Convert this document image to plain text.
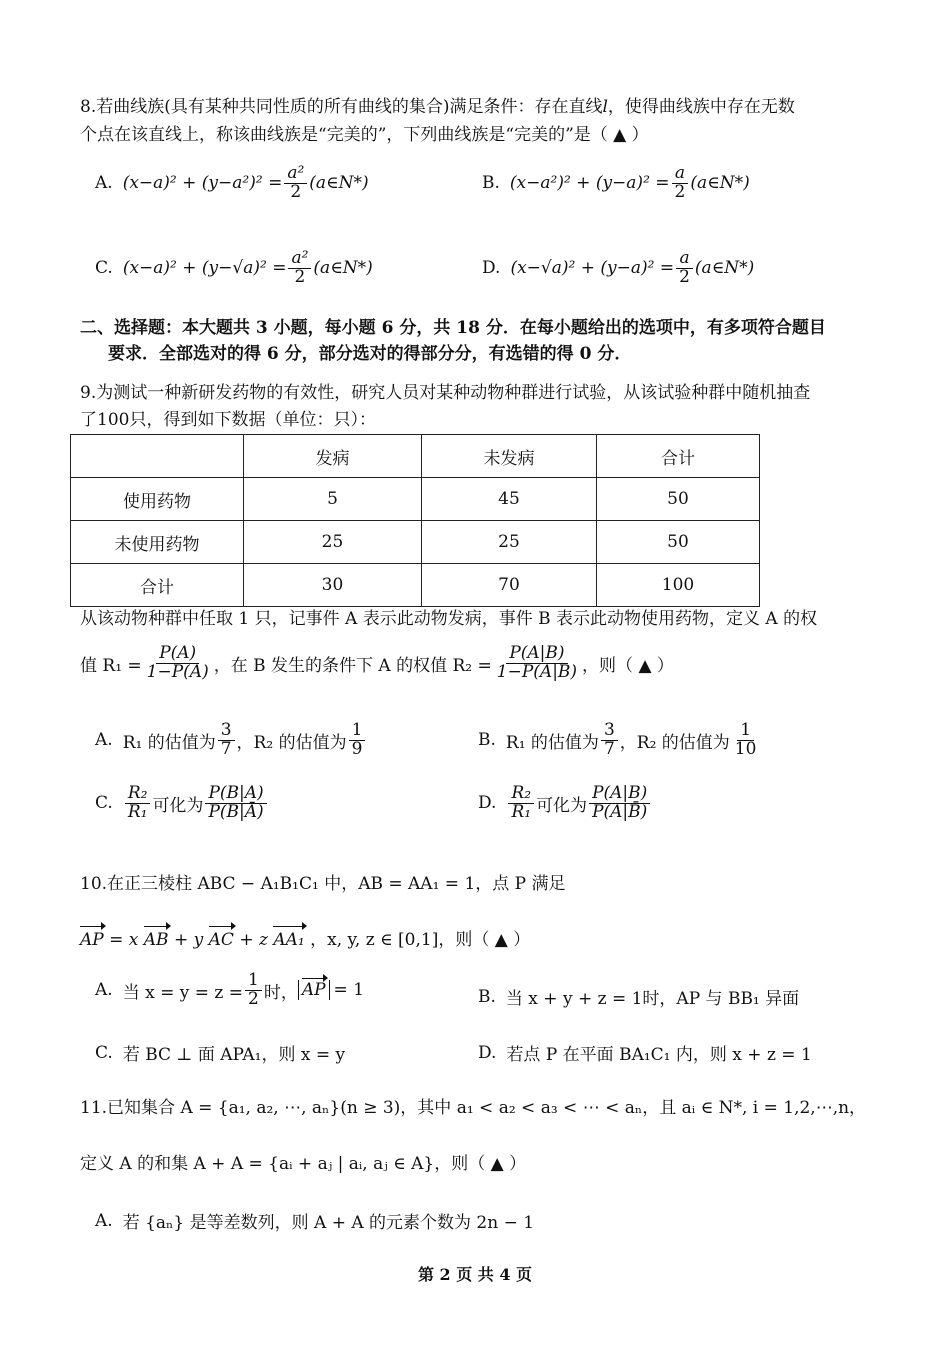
8.若曲线族(具有某种共同性质的所有曲线的集合)满足条件：存在直线l，使得曲线族中存在无数
个点在该直线上，称该曲线族是“完美的”，下列曲线族是“完美的”是（ ▲ ）
A. $(x-a)^2 + (y-a^2)^2 = \frac{\text{a²}}{2}$ (a∈N*)	B. $(x-a^2)^2 + (y-a)^2 = \frac{a}{2}$ (a∈N*)
C. $(x-a)^2 + (y-√a)^2 = \frac{\text{a²}}{2}$ (a∈N*)	D. $(x-√a)^2 + (y-a)^2 = \frac{a}{2}$ (a∈N*)
二、选择题：本大题共 3 小题，每小题 6 分，共 18 分．在每小题给出的选项中，有多项符合题目
要求．全部选对的得 6 分，部分选对的得部分分，有选错的得 0 分．
9.为测试一种新研发药物的有效性，研究人员对某种动物种群进行试验，从该试验种群中随机抽查
了100只，得到如下数据（单位：只）：
	发病	未发病	合计
使用药物	5	45	50
未使用药物	25	25	50
合计	30	70	100
从该动物种群中任取 1 只，记事件 A 表示此动物发病，事件 B 表示此动物使用药物，定义 A 的权
值 $R_1 = \frac{P(A)}{1-P(A)}$ ，在 B 发生的条件下 A 的权值 $R_2 = \frac{P(A|B)}{1-P(A|B)}$ ，则（ ▲ ）
A. R₁ 的估值为 $\frac{3}{7}$ ，R₂ 的估值为 $\frac{1}{9}$	B. R₁ 的估值为 $\frac{3}{7}$ ，R₂ 的估值为 $\frac{1}{10}$
C. $\frac{\text{R₂}}{\text{R₁}}$ 可化为 $\frac{P(B|A)}{P(B|Ā)}$	D. $\frac{\text{R₂}}{\text{R₁}}$ 可化为 $\frac{P(A|B)}{P(A|B̄)}$
10.在正三棱柱 ABC − A₁B₁C₁ 中，AB = AA₁ = 1，点 P 满足
AP = x AB + y AC + z AA₁ ，x, y, z ∈ [0,1]，则（ ▲ ）
A. 当 $x = y = z = \frac{1}{2}$ 时， AP = 1	B. 当 x + y + z = 1时，AP 与 BB₁ 异面
C. 若 BC ⊥ 面 APA₁，则 x = y	D. 若点 P 在平面 BA₁C₁ 内，则 x + z = 1
11.已知集合 A = {a₁, a₂, ⋯, aₙ}(n ≥ 3)，其中 a₁ < a₂ < a₃ < ⋯ < aₙ，且 aᵢ ∈ N*, i = 1,2,⋯,n，
定义 A 的和集 A + A = {aᵢ + aⱼ | aᵢ, aⱼ ∈ A}，则（ ▲ ）
A. 若 {aₙ} 是等差数列，则 A + A 的元素个数为 2n − 1
第 2 页 共 4 页
